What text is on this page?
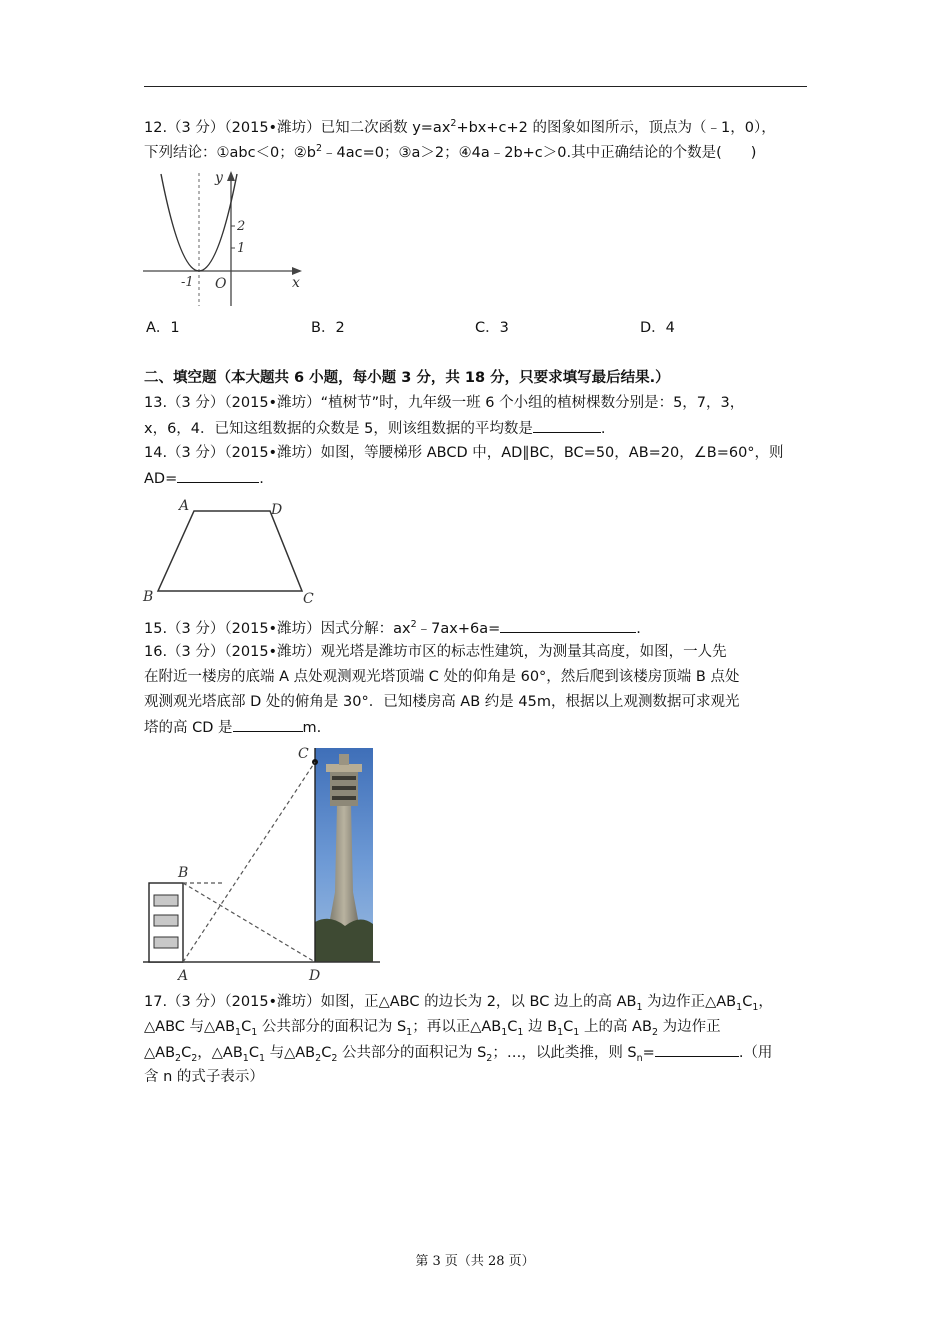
12.（3 分）（2015•潍坊）已知二次函数 $y=ax^2+bx+c+2$ 的图象如图所示，顶点为（﹣1，0），
下列结论：①abc＜0；$②b^2﹣4ac=0$；③a＞2；④4a﹣2b+c＞0.其中正确结论的个数是(　　)
y
x
O
-1
1
2
A．1	B．2	C．3	D．4
二、填空题（本大题共 6 小题，每小题 3 分，共 18 分，只要求填写最后结果.）
13.（3 分）（2015•潍坊）“植树节”时，九年级一班 6 个小组的植树棵数分别是：5，7，3，
x，6，4．已知这组数据的众数是 5，则该组数据的平均数是	.
14.（3 分）（2015•潍坊）如图，等腰梯形 ABCD 中，AD∥BC，BC=50，AB=20，∠B=60°，则
AD=	.
A	D
B	C
15.（3 分）（2015•潍坊）因式分解：$ax^2﹣7ax+6a=$	.
16.（3 分）（2015•潍坊）观光塔是潍坊市区的标志性建筑，为测量其高度，如图，一人先
在附近一楼房的底端 A 点处观测观光塔顶端 C 处的仰角是 60°，然后爬到该楼房顶端 B 点处
观测观光塔底部 D 处的俯角是 30°．已知楼房高 AB 约是 45m，根据以上观测数据可求观光
塔的高 CD 是	m.
C
B
A	D
17.（3 分）（2015•潍坊）如图，正△ABC 的边长为 2，以 BC 边上的高 $AB_1$ 为边作正$\triangle AB_1C_1$，
△ABC 与$\triangle AB_1C_1$ 公共部分的面积记为 $S_1$；再以正$\triangle AB_1C_1$ 边 $B_1C_1$ 上的高 $AB_2$ 为边作正
$\triangle AB_2C_2$，$\triangle AB_1C_1$ 与$\triangle AB_2C_2$ 公共部分的面积记为 $S_2$；…，以此类推，则 $S_n=$	.（用
含 n 的式子表示）
第 3 页（共 28 页）
